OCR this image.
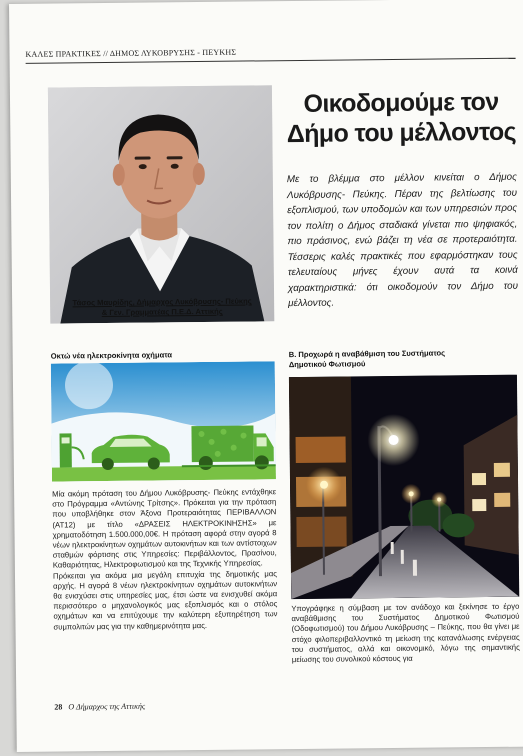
ΚΑΛΕΣ ΠΡΑΚΤΙΚΕΣ // ΔΗΜΟΣ ΛΥΚΟΒΡΥΣΗΣ - ΠΕΥΚΗΣ
Τάσος Μαυρίδης, Δήμαρχος Λυκόβρυσης- Πεύκης
& Γεν. Γραμματέας Π.Ε.Δ. Αττικής
Οικοδομούμε τον
Δήμο του μέλλοντος
Με το βλέμμα στο μέλλον κινείται ο Δήμος Λυκόβρυσης- Πεύκης. Πέραν της βελτίωσης του εξοπλισμού, των υποδομών και των υπηρεσιών προς τον πολίτη ο Δήμος σταδιακά γίνεται πιο ψηφιακός, πιο πράσινος, ενώ βάζει τη νέα σε προτεραιότητα. Τέσσερις καλές πρακτικές που εφαρμόστηκαν τους τελευταίους μήνες έχουν αυτά τα κοινά χαρακτηριστικά: ότι οικοδομούν τον Δήμο του μέλλοντος.
Οκτώ νέα ηλεκτροκίνητα οχήματα

Μία ακόμη πρόταση του Δήμου Λυκόβρυσης- Πεύκης εντάχθηκε στο Πρόγραμμα «Αντώνης Τρίτσης». Πρόκειται για την πρόταση που υποβλήθηκε στον Άξονα Προτεραιότητας ΠΕΡΙΒΑΛΛΟΝ (ΑΤ12) με τίτλο «ΔΡΑΣΕΙΣ ΗΛΕΚΤΡΟΚΙΝΗΣΗΣ» με χρηματοδότηση 1.500.000,00€. Η πρόταση αφορά στην αγορά 8 νέων ηλεκτροκίνητων οχημάτων αυτοκινήτων και των αντίστοιχων σταθμών φόρτισης στις Υπηρεσίες: Περιβάλλοντος, Πρασίνου, Καθαριότητας, Ηλεκτροφωτισμού και της Τεχνικής Υπηρεσίας.

Πρόκειται για ακόμα μια μεγάλη επιτυχία της δημοτικής μας αρχής. Η αγορά 8 νέων ηλεκτροκίνητων οχημάτων αυτοκινήτων θα ενισχύσει στις υπηρεσίες μας, έτσι ώστε να ενισχυθεί ακόμα περισσότερο ο μηχανολογικός μας εξοπλισμός και ο στόλος οχημάτων και να επιτύχουμε την καλύτερη εξυπηρέτηση των συμπολιτών μας για την καθημερινότητα μας.

Β. Προχωρά η αναβάθμιση του Συστήματος
Δημοτικού Φωτισμού
Υπογράφηκε η σύμβαση με τον ανάδοχο και ξεκίνησε το έργο αναβάθμισης του Συστήματος Δημοτικού Φωτισμού (Οδοφωτισμού) του Δήμου Λυκόβρυσης – Πεύκης, που θα γίνει με στόχο φιλοπεριβαλλοντικό τη μείωση της καταvάλωσης ενέργειας του συστήματος, αλλά και οικονομικό, λόγω της σημαντικής μείωσης του συνολικού κόστους για
28 Ο Δήμαρχος της Αττικής
